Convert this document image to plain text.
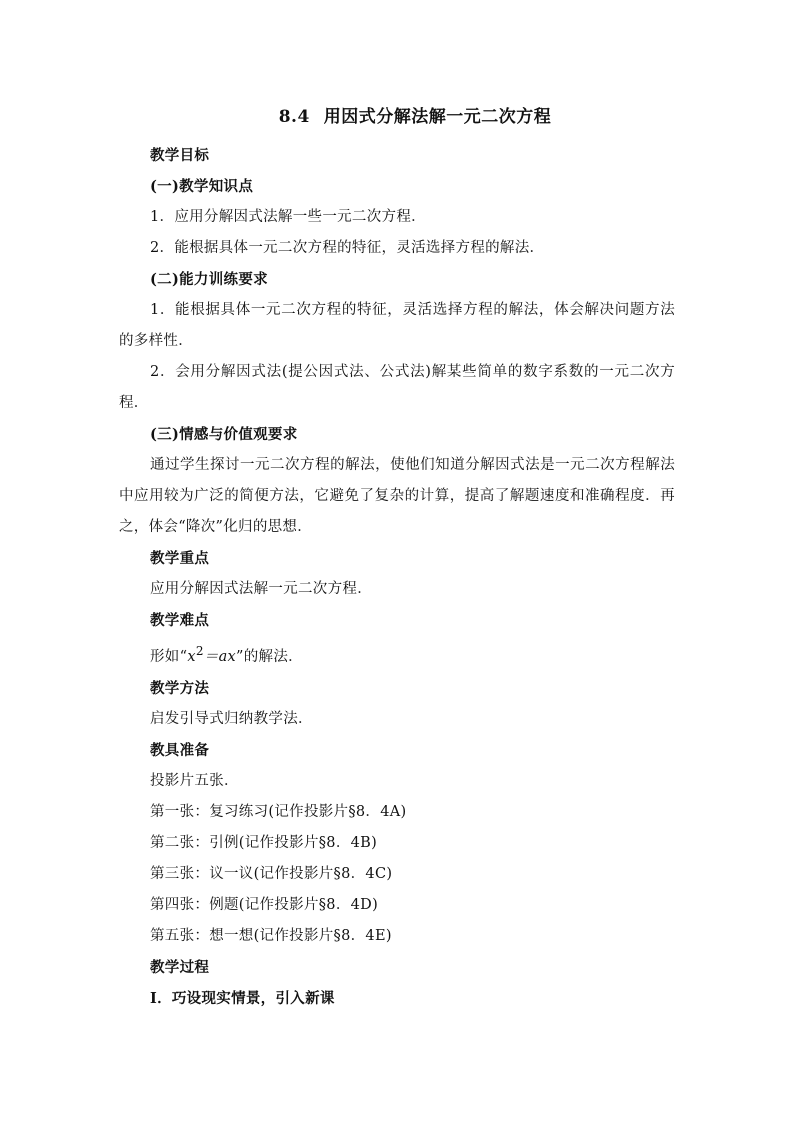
8.4 用因式分解法解一元二次方程

教学目标

(一)教学知识点

1．应用分解因式法解一些一元二次方程．

2．能根据具体一元二次方程的特征，灵活选择方程的解法．

(二)能力训练要求

1．能根据具体一元二次方程的特征，灵活选择方程的解法，体会解决问题方法的多样性．

2．会用分解因式法(提公因式法、公式法)解某些简单的数字系数的一元二次方程．

(三)情感与价值观要求

通过学生探讨一元二次方程的解法，使他们知道分解因式法是一元二次方程解法中应用较为广泛的简便方法，它避免了复杂的计算，提高了解题速度和准确程度．再之，体会“降次”化归的思想．

教学重点

应用分解因式法解一元二次方程．

教学难点

形如“$x^2=ax$”的解法．

教学方法

启发引导式归纳教学法．

教具准备

投影片五张．

第一张：复习练习(记作投影片§8．4A)

第二张：引例(记作投影片§8．4B)

第三张：议一议(记作投影片§8．4C)

第四张：例题(记作投影片§8．4D)

第五张：想一想(记作投影片§8．4E)

教学过程

Ⅰ．巧设现实情景，引入新课
